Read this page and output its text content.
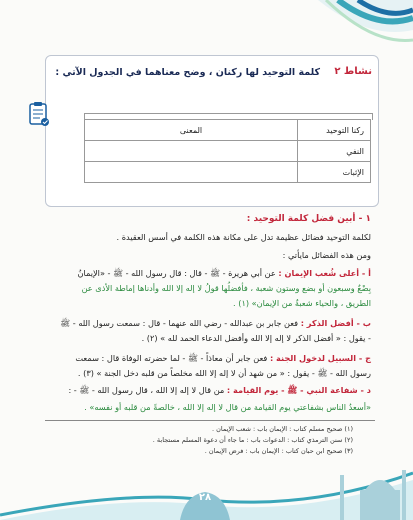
نشاط ٢
كلمة التوحيد لها ركنان ، وضح معناهما في الجدول الآتي :
ركنا التوحيد	المعنى
النفي	
الإثبات	
١ - أبين فضل كلمة التوحيد :
لكلمة التوحيد فضائل عظيمة تدل على مكانة هذه الكلمة في أسس العقيدة .
ومن هذه الفضائل مايأتي :
أ - أعلى شُعب الإيمان : عن أبي هريرة - ﷺ - قال : قال رسول الله - ﷺ - «الإيمانُ
بِضْعٌ وسبعون أو بضع وستون شعبة ، فأفضلُها قولُ لا إله إلا الله وأدناها إماطة الأذى عن
الطريق ، والحياء شعبةٌ من الإيمان» (١) .
ب - أفضل الذكر : فعن جابر بن عبدالله - رضي الله عنهما - قال : سمعت رسول الله - ﷺ
- يقول : « أفضل الذكر لا إله إلا الله وأفضل الدعاء الحمد لله » (٢) .
ج - السبيل لدخول الجنة : فعن جابر أن معاذاً - ﷺ - لما حضرته الوفاة قال : سمعت
رسول الله - ﷺ - يقول : « من شهد أن لا إله إلا الله مخلصاً من قلبه دخل الجنة » (٣) .
د - شفاعة النبي - ﷺ - يوم القيامة : من قال لا إله إلا الله ، قال رسول الله - ﷺ - :
«أسعدُ الناس بشفاعتي يوم القيامة من قال لا إله إلا الله ، خالصةً من قلبه أو نفسه» .
(١) صحيح مسلم كتاب : الإيمان باب : شعب الإيمان .
(٢) سنن الترمذي كتاب : الدعوات باب : ما جاء أن دعوة المسلم مستجابة .
(٣) صحيح ابن حبان كتاب : الإيمان باب : فرض الإيمان .
٢٨
